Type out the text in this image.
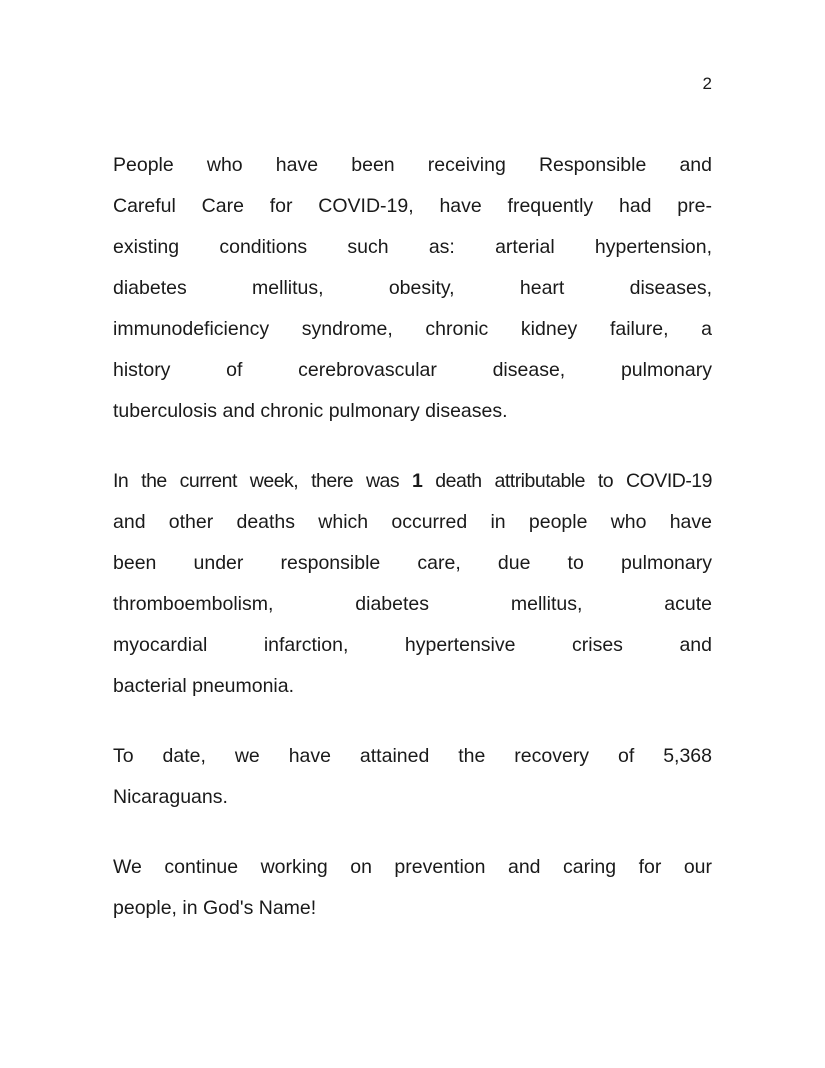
2

People who have been receiving Responsible and
Careful Care for COVID-19, have frequently had pre-
existing conditions such as: arterial hypertension,
diabetes mellitus, obesity, heart diseases,
immunodeficiency syndrome, chronic kidney failure, a
history of cerebrovascular disease, pulmonary
tuberculosis and chronic pulmonary diseases.

In the current week, there was 1 death attributable to COVID-19
and other deaths which occurred in people who have
been under responsible care, due to pulmonary
thromboembolism, diabetes mellitus, acute
myocardial infarction, hypertensive crises and
bacterial pneumonia.

To date, we have attained the recovery of 5,368
Nicaraguans.

We continue working on prevention and caring for our
people, in God's Name!
